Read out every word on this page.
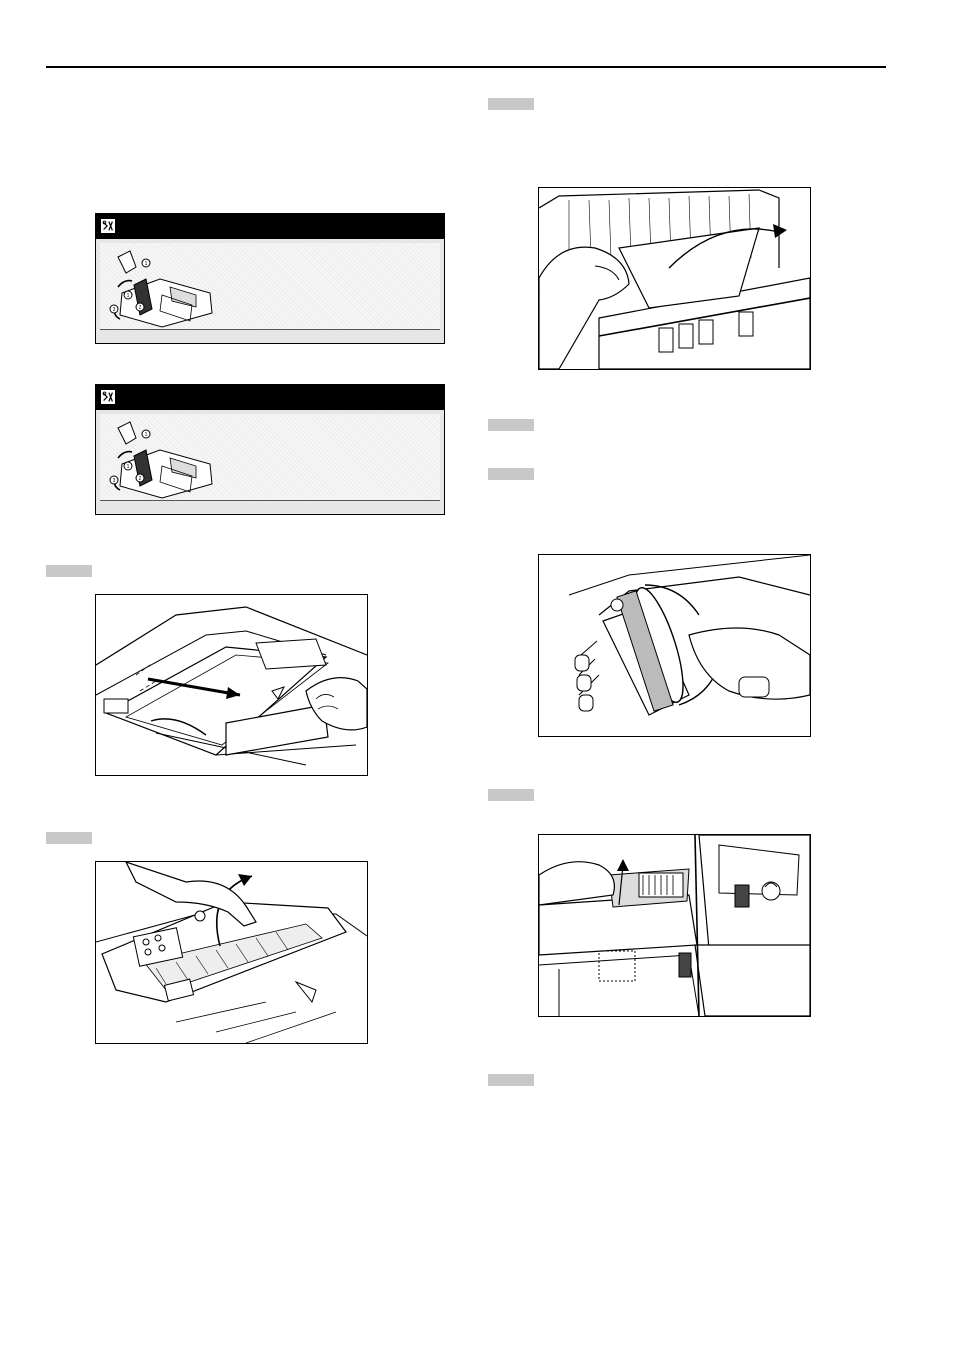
1
1
2
3
1
1
2
3
